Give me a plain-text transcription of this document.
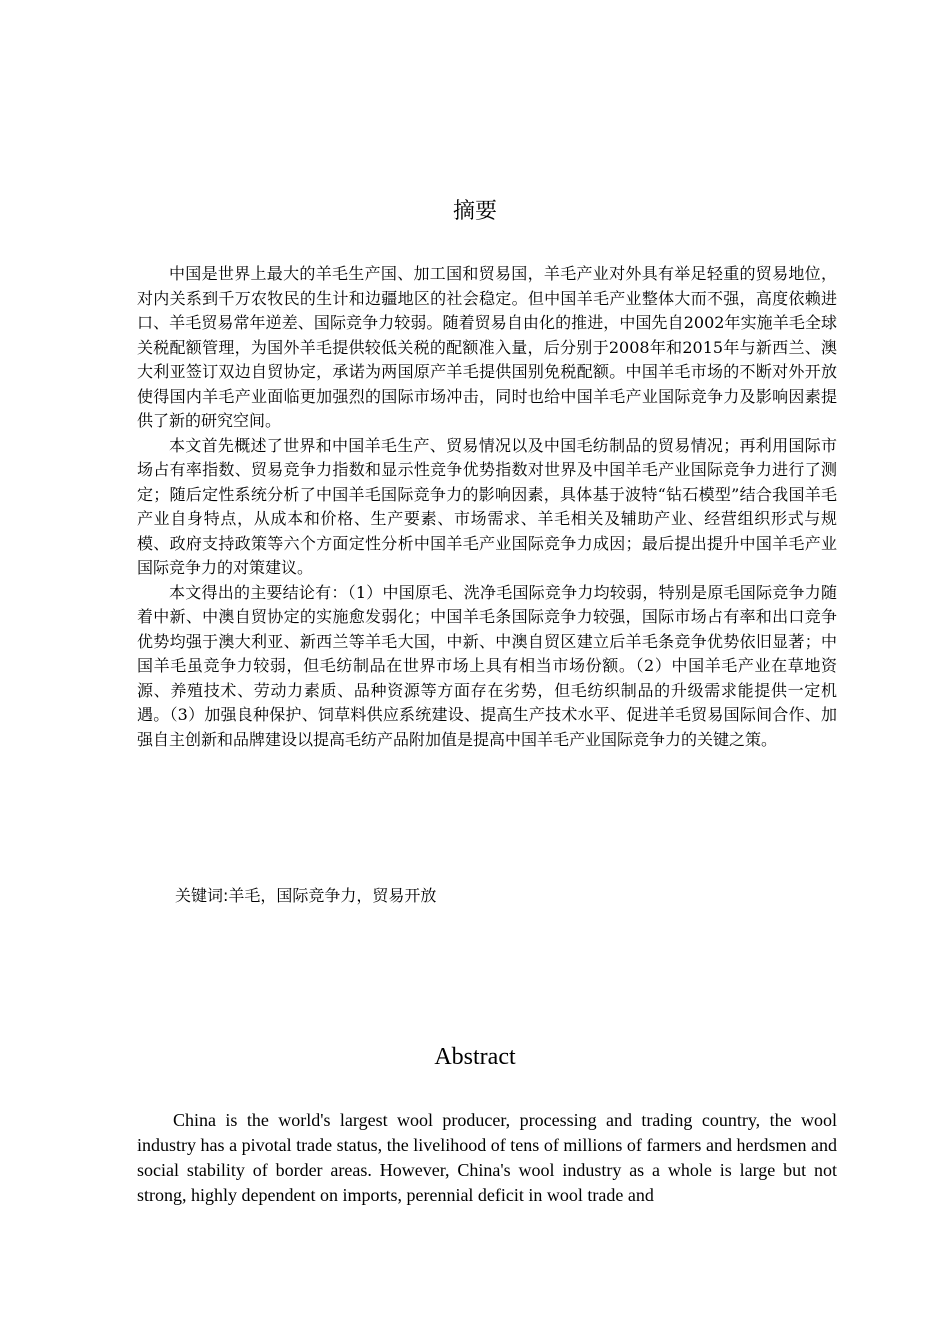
摘要

中国是世界上最大的羊毛生产国、加工国和贸易国，羊毛产业对外具有举足轻重的贸易地位，对内关系到千万农牧民的生计和边疆地区的社会稳定。但中国羊毛产业整体大而不强，高度依赖进口、羊毛贸易常年逆差、国际竞争力较弱。随着贸易自由化的推进，中国先自2002年实施羊毛全球关税配额管理，为国外羊毛提供较低关税的配额准入量，后分别于2008年和2015年与新西兰、澳大利亚签订双边自贸协定，承诺为两国原产羊毛提供国别免税配额。中国羊毛市场的不断对外开放使得国内羊毛产业面临更加强烈的国际市场冲击，同时也给中国羊毛产业国际竞争力及影响因素提供了新的研究空间。

本文首先概述了世界和中国羊毛生产、贸易情况以及中国毛纺制品的贸易情况；再利用国际市场占有率指数、贸易竞争力指数和显示性竞争优势指数对世界及中国羊毛产业国际竞争力进行了测定；随后定性系统分析了中国羊毛国际竞争力的影响因素，具体基于波特“钻石模型”结合我国羊毛产业自身特点，从成本和价格、生产要素、市场需求、羊毛相关及辅助产业、经营组织形式与规模、政府支持政策等六个方面定性分析中国羊毛产业国际竞争力成因；最后提出提升中国羊毛产业国际竞争力的对策建议。

本文得出的主要结论有：（1）中国原毛、洗净毛国际竞争力均较弱，特别是原毛国际竞争力随着中新、中澳自贸协定的实施愈发弱化；中国羊毛条国际竞争力较强，国际市场占有率和出口竞争优势均强于澳大利亚、新西兰等羊毛大国，中新、中澳自贸区建立后羊毛条竞争优势依旧显著；中国羊毛虽竞争力较弱，但毛纺制品在世界市场上具有相当市场份额。（2）中国羊毛产业在草地资源、养殖技术、劳动力素质、品种资源等方面存在劣势，但毛纺织制品的升级需求能提供一定机遇。（3）加强良种保护、饲草料供应系统建设、提高生产技术水平、促进羊毛贸易国际间合作、加强自主创新和品牌建设以提高毛纺产品附加值是提高中国羊毛产业国际竞争力的关键之策。

关键词:羊毛，国际竞争力，贸易开放
Abstract

China is the world's largest wool producer, processing and trading country, the wool industry has a pivotal trade status, the livelihood of tens of millions of farmers and herdsmen and social stability of border areas. However, China's wool industry as a whole is large but not strong, highly dependent on imports, perennial deficit in wool trade and
